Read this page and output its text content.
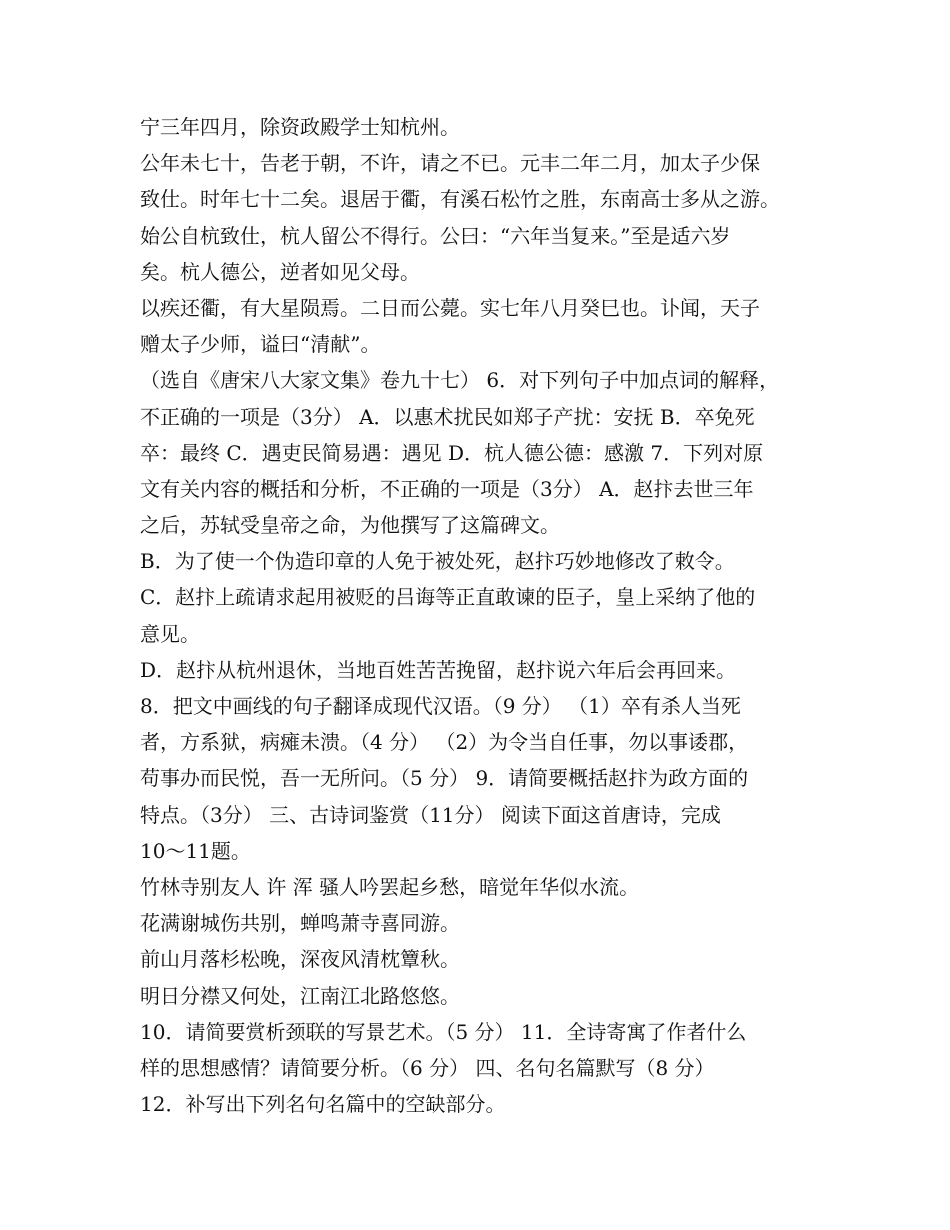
宁三年四月，除资政殿学士知杭州。
公年未七十，告老于朝，不许，请之不已。元丰二年二月，加太子少保
致仕。时年七十二矣。退居于衢，有溪石松竹之胜，东南高士多从之游。
始公自杭致仕，杭人留公不得行。公曰：“六年当复来。”至是适六岁
矣。杭人德公，逆者如见父母。
以疾还衢，有大星陨焉。二日而公薨。实七年八月癸巳也。讣闻，天子
赠太子少师，谥曰“清献”。
（选自《唐宋八大家文集》卷九十七） 6．对下列句子中加点词的解释，
不正确的一项是（3分） A．以惠术扰民如郑子产扰：安抚 B．卒免死
卒：最终 C．遇吏民简易遇：遇见 D．杭人德公德：感激 7．下列对原
文有关内容的概括和分析，不正确的一项是（3分） A．赵抃去世三年
之后，苏轼受皇帝之命，为他撰写了这篇碑文。
B．为了使一个伪造印章的人免于被处死，赵抃巧妙地修改了敕令。
C．赵抃上疏请求起用被贬的吕诲等正直敢谏的臣子，皇上采纳了他的
意见。
D．赵抃从杭州退休，当地百姓苦苦挽留，赵抃说六年后会再回来。
8．把文中画线的句子翻译成现代汉语。（9 分） （1）卒有杀人当死
者，方系狱，病瘫未溃。（4 分） （2）为令当自任事，勿以事诿郡，
苟事办而民悦，吾一无所问。（5 分） 9．请简要概括赵抃为政方面的
特点。（3分） 三、古诗词鉴赏（11分） 阅读下面这首唐诗，完成
10～11题。
竹林寺别友人 许 浑 骚人吟罢起乡愁，暗觉年华似水流。
花满谢城伤共别，蝉鸣萧寺喜同游。
前山月落杉松晚，深夜风清枕簟秋。
明日分襟又何处，江南江北路悠悠。
10．请简要赏析颈联的写景艺术。（5 分） 11．全诗寄寓了作者什么
样的思想感情？请简要分析。（6 分） 四、名句名篇默写（8 分）
12．补写出下列名句名篇中的空缺部分。
